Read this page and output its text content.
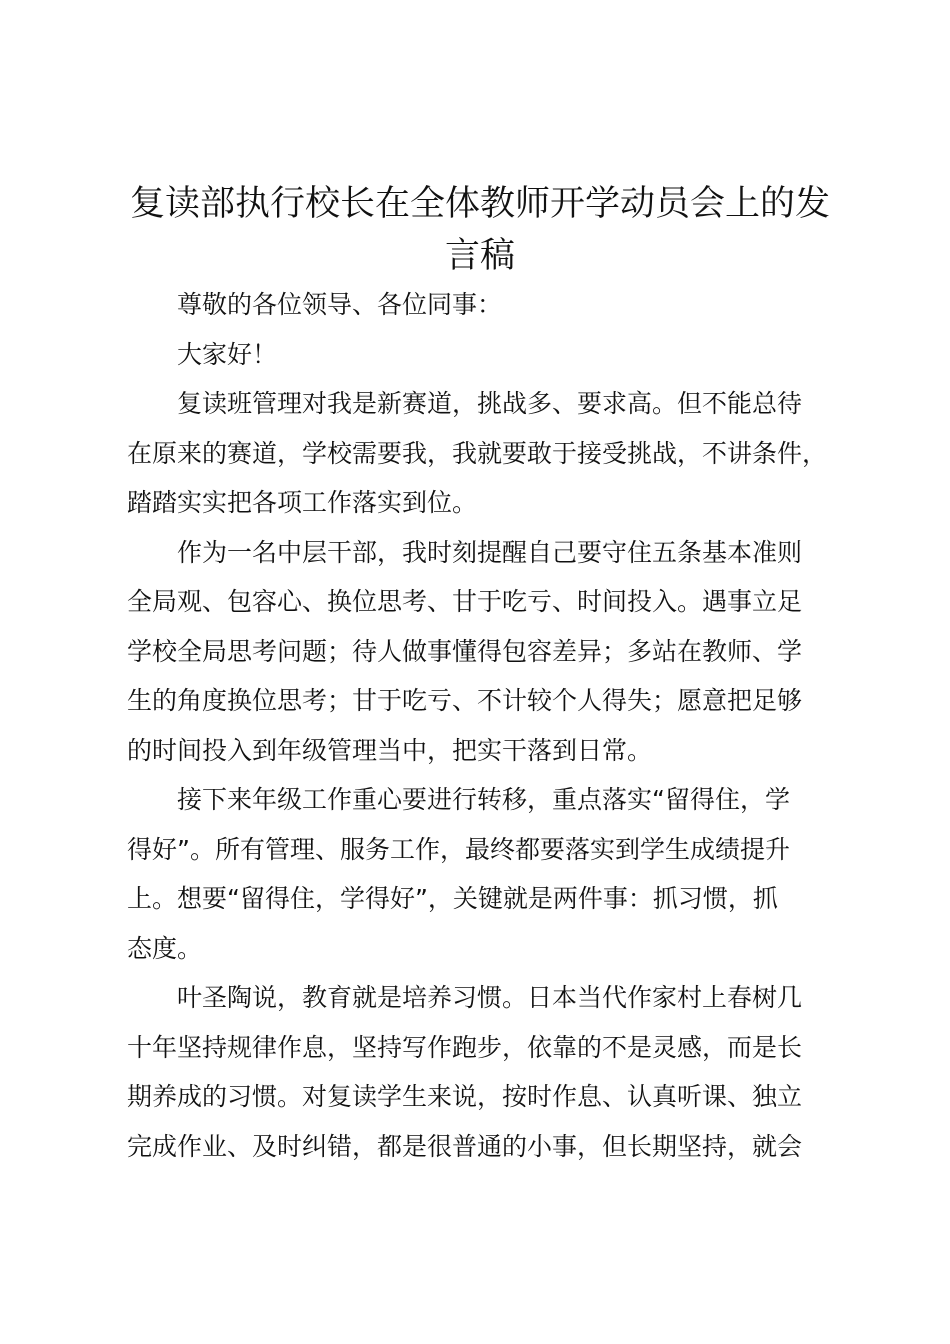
复读部执行校长在全体教师开学动员会上的发
言稿
尊敬的各位领导、各位同事：
大家好！
复读班管理对我是新赛道，挑战多、要求高。但不能总待
在原来的赛道，学校需要我，我就要敢于接受挑战，不讲条件，
踏踏实实把各项工作落实到位。
作为一名中层干部，我时刻提醒自己要守住五条基本准则
全局观、包容心、换位思考、甘于吃亏、时间投入。遇事立足
学校全局思考问题；待人做事懂得包容差异；多站在教师、学
生的角度换位思考；甘于吃亏、不计较个人得失；愿意把足够
的时间投入到年级管理当中，把实干落到日常。
接下来年级工作重心要进行转移，重点落实“留得住，学
得好”。所有管理、服务工作，最终都要落实到学生成绩提升
上。想要“留得住，学得好”，关键就是两件事：抓习惯，抓
态度。
叶圣陶说，教育就是培养习惯。日本当代作家村上春树几
十年坚持规律作息，坚持写作跑步，依靠的不是灵感，而是长
期养成的习惯。对复读学生来说，按时作息、认真听课、独立
完成作业、及时纠错，都是很普通的小事，但长期坚持，就会
